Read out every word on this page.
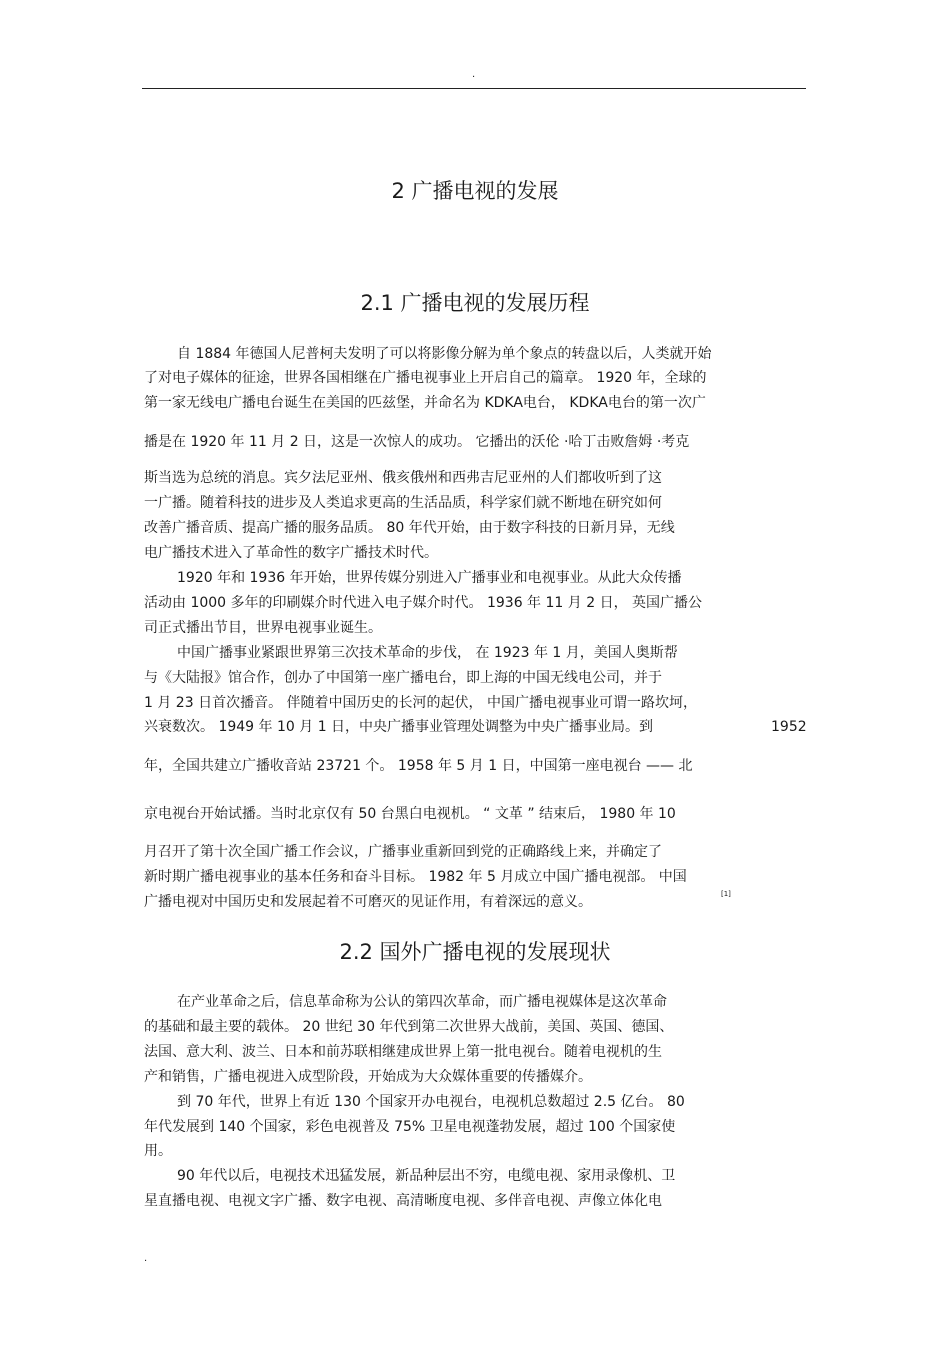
.
2 广播电视的发展
2.1 广播电视的发展历程
自 1884 年德国人尼普柯夫发明了可以将影像分解为单个象点的转盘以后，人类就开始
了对电子媒体的征途，世界各国相继在广播电视事业上开启自己的篇章。 1920 年，全球的
第一家无线电广播电台诞生在美国的匹兹堡，并命名为 KDKA电台， KDKA电台的第一次广
播是在 1920 年 11 月 2 日，这是一次惊人的成功。 它播出的沃伦 ·哈丁击败詹姆 ·考克
斯当选为总统的消息。宾夕法尼亚州、俄亥俄州和西弗吉尼亚州的人们都收听到了这
一广播。随着科技的进步及人类追求更高的生活品质，科学家们就不断地在研究如何
改善广播音质、提高广播的服务品质。 80 年代开始，由于数字科技的日新月异，无线
电广播技术进入了革命性的数字广播技术时代。
1920 年和 1936 年开始，世界传媒分别进入广播事业和电视事业。从此大众传播
活动由 1000 多年的印刷媒介时代进入电子媒介时代。 1936 年 11 月 2 日， 英国广播公
司正式播出节目，世界电视事业诞生。
中国广播事业紧跟世界第三次技术革命的步伐， 在 1923 年 1 月，美国人奥斯帮
与《大陆报》馆合作，创办了中国第一座广播电台，即上海的中国无线电公司，并于
1 月 23 日首次播音。 伴随着中国历史的长河的起伏， 中国广播电视事业可谓一路坎坷，
兴衰数次。 1949 年 10 月 1 日，中央广播事业管理处调整为中央广播事业局。到	1952
年，全国共建立广播收音站 23721 个。 1958 年 5 月 1 日，中国第一座电视台 —— 北
京电视台开始试播。当时北京仅有 50 台黑白电视机。 “ 文革 ” 结束后， 1980 年 10
月召开了第十次全国广播工作会议，广播事业重新回到党的正确路线上来，并确定了
新时期广播电视事业的基本任务和奋斗目标。 1982 年 5 月成立中国广播电视部。 中国
广播电视对中国历史和发展起着不可磨灭的见证作用，有着深远的意义。	[1]
2.2 国外广播电视的发展现状
在产业革命之后，信息革命称为公认的第四次革命，而广播电视媒体是这次革命
的基础和最主要的载体。 20 世纪 30 年代到第二次世界大战前，美国、英国、德国、
法国、意大利、波兰、日本和前苏联相继建成世界上第一批电视台。随着电视机的生
产和销售，广播电视进入成型阶段，开始成为大众媒体重要的传播媒介。
到 70 年代，世界上有近 130 个国家开办电视台，电视机总数超过 2.5 亿台。 80
年代发展到 140 个国家，彩色电视普及 75% 卫星电视蓬勃发展，超过 100 个国家使
用。
90 年代以后，电视技术迅猛发展，新品种层出不穷，电缆电视、家用录像机、卫
星直播电视、电视文字广播、数字电视、高清晰度电视、多伴音电视、声像立体化电
.
